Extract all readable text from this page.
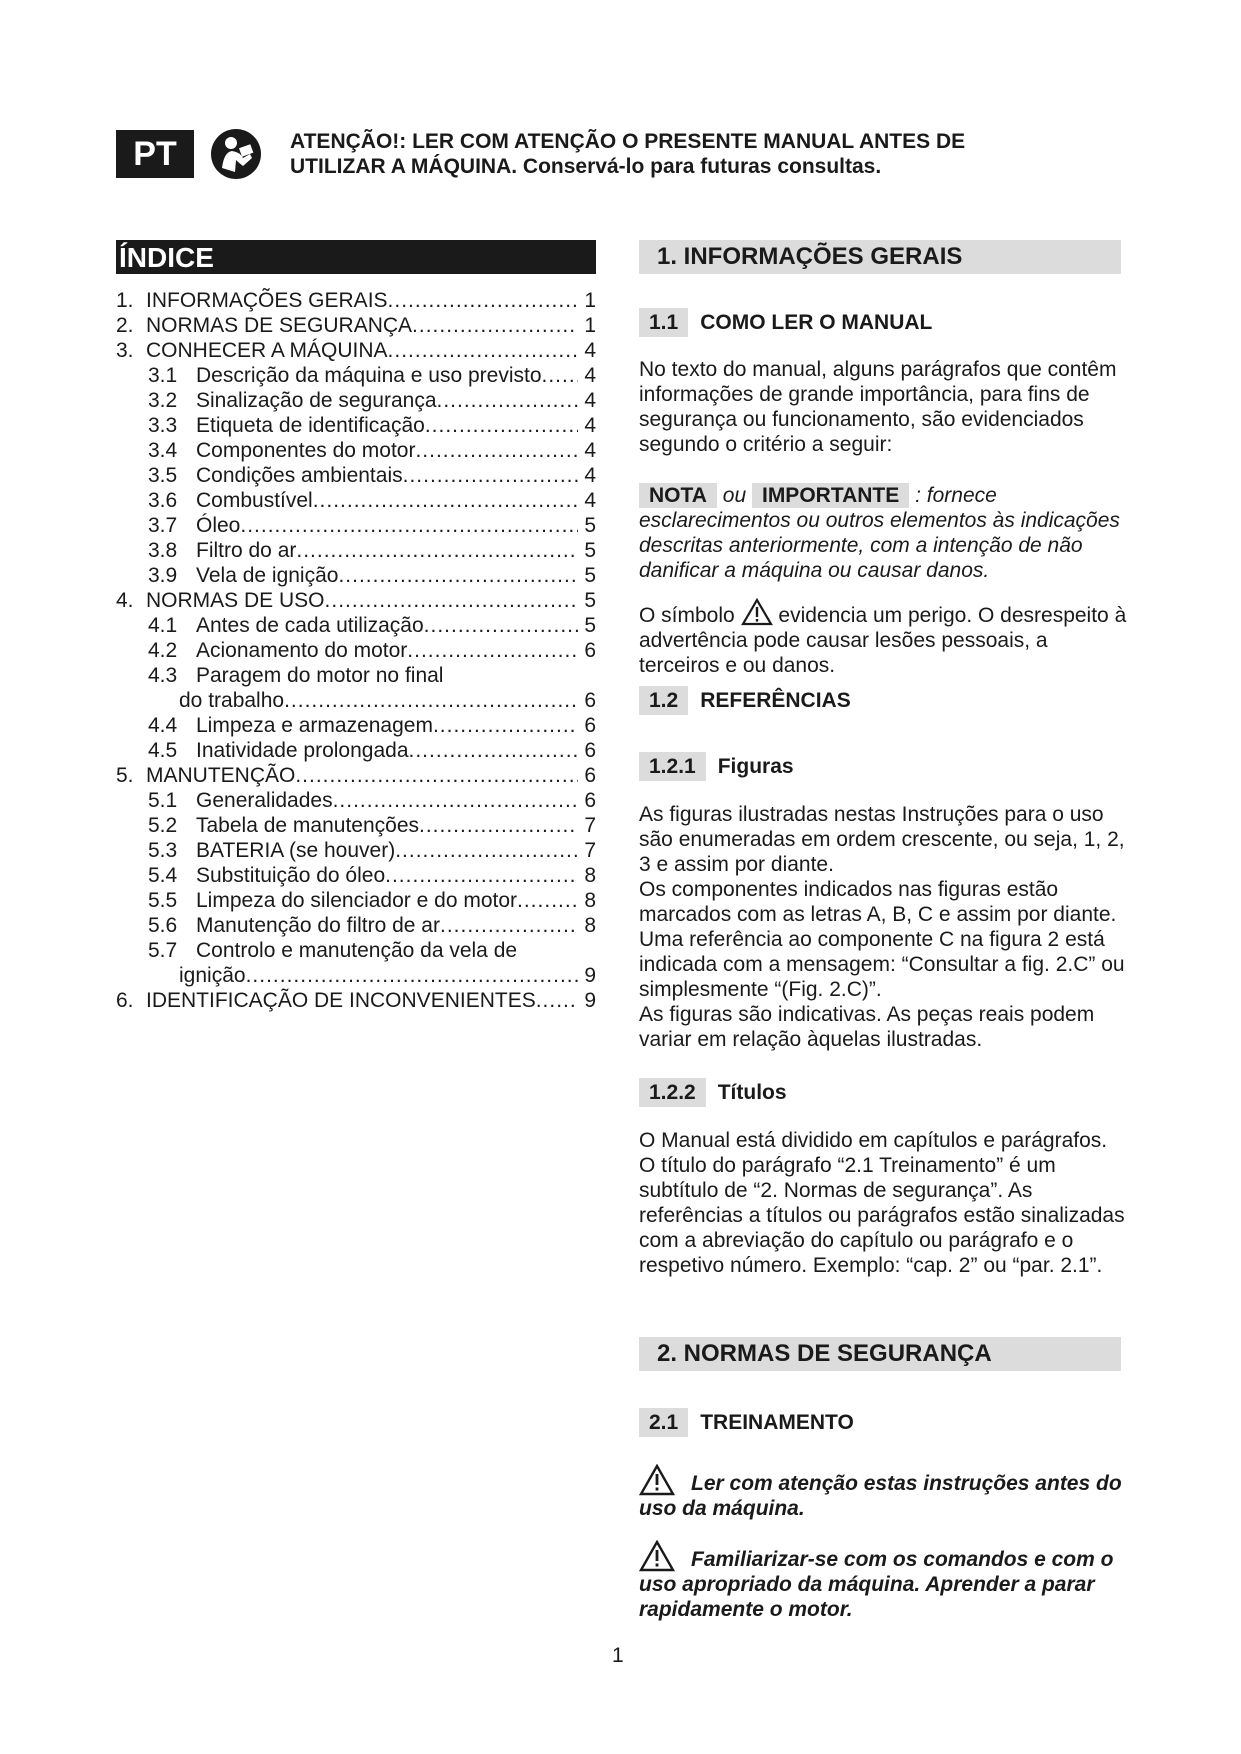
PT	ATENÇÃO!: LER COM ATENÇÃO O PRESENTE MANUAL ANTES DE
UTILIZAR A MÁQUINA. Conservá-lo para futuras consultas.
ÍNDICE
1. INFORMAÇÕES GERAIS .....	1
2. NORMAS DE SEGURANÇA .....	1
3. CONHECER A MÁQUINA .....	4
3.1 Descrição da máquina e uso previsto .....	4
3.2 Sinalização de segurança .....	4
3.3 Etiqueta de identificação .....	4
3.4 Componentes do motor .....	4
3.5 Condições ambientais .....	4
3.6 Combustível .....	4
3.7 Óleo .....	5
3.8 Filtro do ar .....	5
3.9 Vela de ignição .....	5
4. NORMAS DE USO .....	5
4.1 Antes de cada utilização .....	5
4.2 Acionamento do motor .....	6
4.3 Paragem do motor no final
do trabalho .....	6
4.4 Limpeza e armazenagem .....	6
4.5 Inatividade prolongada .....	6
5. MANUTENÇÃO .....	6
5.1 Generalidades .....	6
5.2 Tabela de manutenções .....	7
5.3 BATERIA (se houver) .....	7
5.4 Substituição do óleo .....	8
5.5 Limpeza do silenciador e do motor .....	8
5.6 Manutenção do filtro de ar .....	8
5.7 Controlo e manutenção da vela de
ignição .....	9
6. IDENTIFICAÇÃO DE INCONVENIENTES .....	9
1. INFORMAÇÕES GERAIS
1.1	COMO LER O MANUAL
No texto do manual, alguns parágrafos que contêm informações de grande importância, para fins de segurança ou funcionamento, são evidenciados segundo o critério a seguir:
NOTA ou IMPORTANTE : fornece esclarecimentos ou outros elementos às indicações descritas anteriormente, com a intenção de não danificar a máquina ou causar danos.
O símbolo evidencia um perigo. O desrespeito à advertência pode causar lesões pessoais, a terceiros e ou danos.
1.2	REFERÊNCIAS
1.2.1	Figuras
As figuras ilustradas nestas Instruções para o uso são enumeradas em ordem crescente, ou seja, 1, 2, 3 e assim por diante.
Os componentes indicados nas figuras estão marcados com as letras A, B, C e assim por diante. Uma referência ao componente C na figura 2 está indicada com a mensagem: “Consultar a fig. 2.C” ou simplesmente “(Fig. 2.C)”.
As figuras são indicativas. As peças reais podem variar em relação àquelas ilustradas.
1.2.2	Títulos
O Manual está dividido em capítulos e parágrafos. O título do parágrafo “2.1 Treinamento” é um subtítulo de “2. Normas de segurança”. As referências a títulos ou parágrafos estão sinalizadas com a abreviação do capítulo ou parágrafo e o respetivo número. Exemplo: “cap. 2” ou “par. 2.1”.
2. NORMAS DE SEGURANÇA
2.1	TREINAMENTO
Ler com atenção estas instruções antes do uso da máquina.
Familiarizar-se com os comandos e com o uso apropriado da máquina. Aprender a parar rapidamente o motor.
1
